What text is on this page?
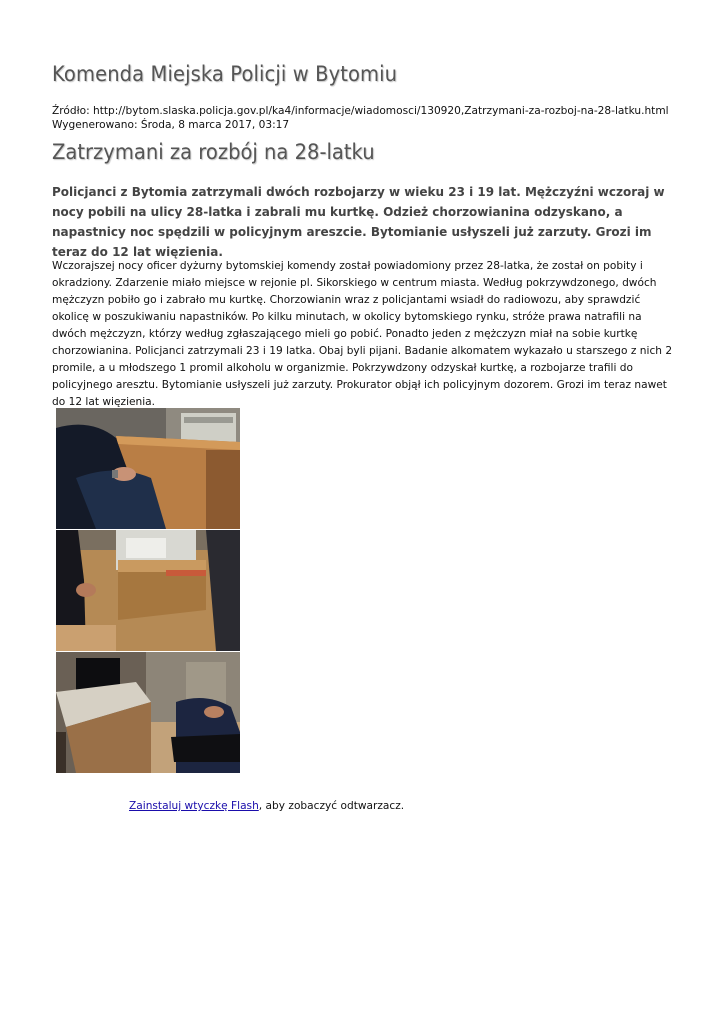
Komenda Miejska Policji w Bytomiu
Źródło: http://bytom.slaska.policja.gov.pl/ka4/informacje/wiadomosci/130920,Zatrzymani-za-rozboj-na-28-latku.html
Wygenerowano: Środa, 8 marca 2017, 03:17
Zatrzymani za rozbój na 28-latku
Policjanci z Bytomia zatrzymali dwóch rozbojarzy w wieku 23 i 19 lat. Mężczyźni wczoraj w nocy pobili na ulicy 28-latka i zabrali mu kurtkę. Odzież chorzowianina odzyskano, a napastnicy noc spędzili w policyjnym areszcie. Bytomianie usłyszeli już zarzuty. Grozi im teraz do 12 lat więzienia.
Wczorajszej nocy oficer dyżurny bytomskiej komendy został powiadomiony przez 28-latka, że został on pobity i okradziony. Zdarzenie miało miejsce w rejonie pl. Sikorskiego w centrum miasta. Według pokrzywdzonego, dwóch mężczyzn pobiło go i zabrało mu kurtkę. Chorzowianin wraz z policjantami wsiadł do radiowozu, aby sprawdzić okolicę w poszukiwaniu napastników. Po kilku minutach, w okolicy bytomskiego rynku, stróże prawa natrafili na dwóch mężczyzn, którzy według zgłaszającego mieli go pobić. Ponadto jeden z mężczyzn miał na sobie kurtkę chorzowianina. Policjanci zatrzymali 23 i 19 latka. Obaj byli pijani. Badanie alkomatem wykazało u starszego z nich 2 promile, a u młodszego 1 promil alkoholu w organizmie. Pokrzywdzony odzyskał kurtkę, a rozbojarze trafili do policyjnego aresztu. Bytomianie usłyszeli już zarzuty. Prokurator objął ich policyjnym dozorem. Grozi im teraz nawet do 12 lat więzienia.
Zainstaluj wtyczkę Flash, aby zobaczyć odtwarzacz.
